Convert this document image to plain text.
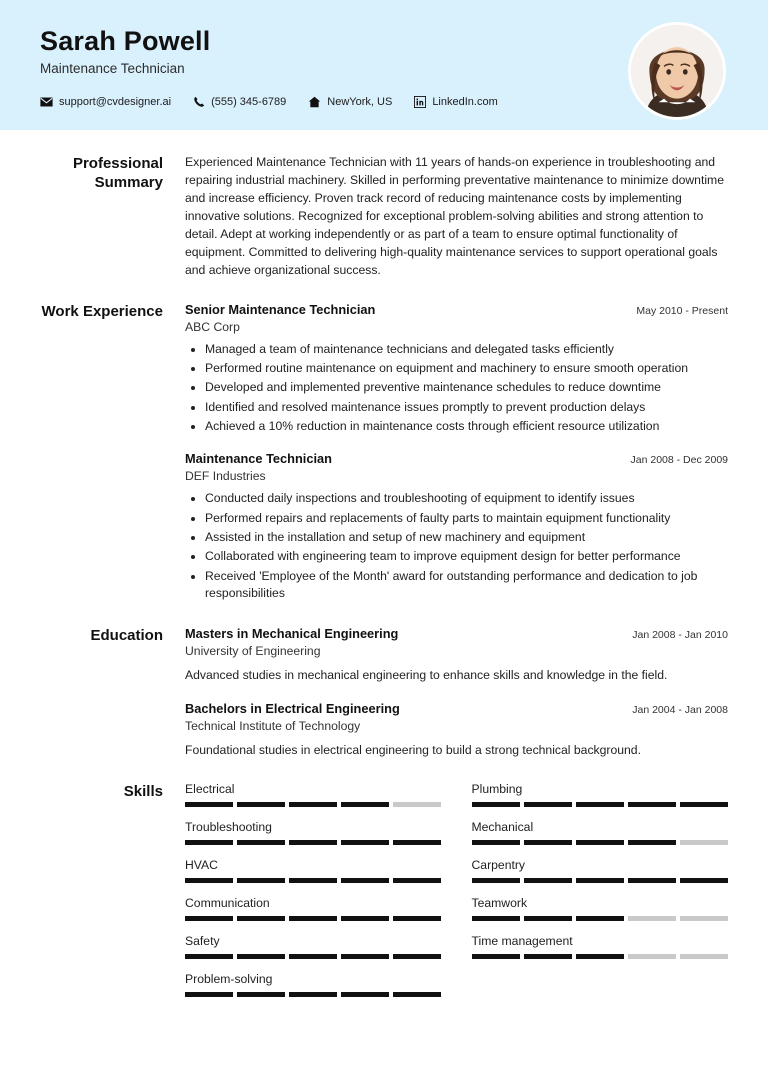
Sarah Powell
Maintenance Technician
support@cvdesigner.ai	(555) 345-6789	NewYork, US	LinkedIn.com
Professional Summary
Experienced Maintenance Technician with 11 years of hands-on experience in troubleshooting and repairing industrial machinery. Skilled in performing preventative maintenance to minimize downtime and increase efficiency. Proven track record of reducing maintenance costs by implementing innovative solutions. Recognized for exceptional problem-solving abilities and strong attention to detail. Adept at working independently or as part of a team to ensure optimal functionality of equipment. Committed to delivering high-quality maintenance services to support operational goals and achieve organizational success.
Work Experience	Senior Maintenance Technician	May 2010 - Present
ABC Corp
• Managed a team of maintenance technicians and delegated tasks efficiently
• Performed routine maintenance on equipment and machinery to ensure smooth operation
• Developed and implemented preventive maintenance schedules to reduce downtime
• Identified and resolved maintenance issues promptly to prevent production delays
• Achieved a 10% reduction in maintenance costs through efficient resource utilization
Maintenance Technician	Jan 2008 - Dec 2009
DEF Industries
• Conducted daily inspections and troubleshooting of equipment to identify issues
• Performed repairs and replacements of faulty parts to maintain equipment functionality
• Assisted in the installation and setup of new machinery and equipment
• Collaborated with engineering team to improve equipment design for better performance
• Received 'Employee of the Month' award for outstanding performance and dedication to job responsibilities
Education	Masters in Mechanical Engineering	Jan 2008 - Jan 2010
University of Engineering
Advanced studies in mechanical engineering to enhance skills and knowledge in the field.
Bachelors in Electrical Engineering	Jan 2004 - Jan 2008
Technical Institute of Technology
Foundational studies in electrical engineering to build a strong technical background.
Skills	Electrical	Plumbing
Troubleshooting	Mechanical
HVAC	Carpentry
Communication	Teamwork
Safety	Time management
Problem-solving
